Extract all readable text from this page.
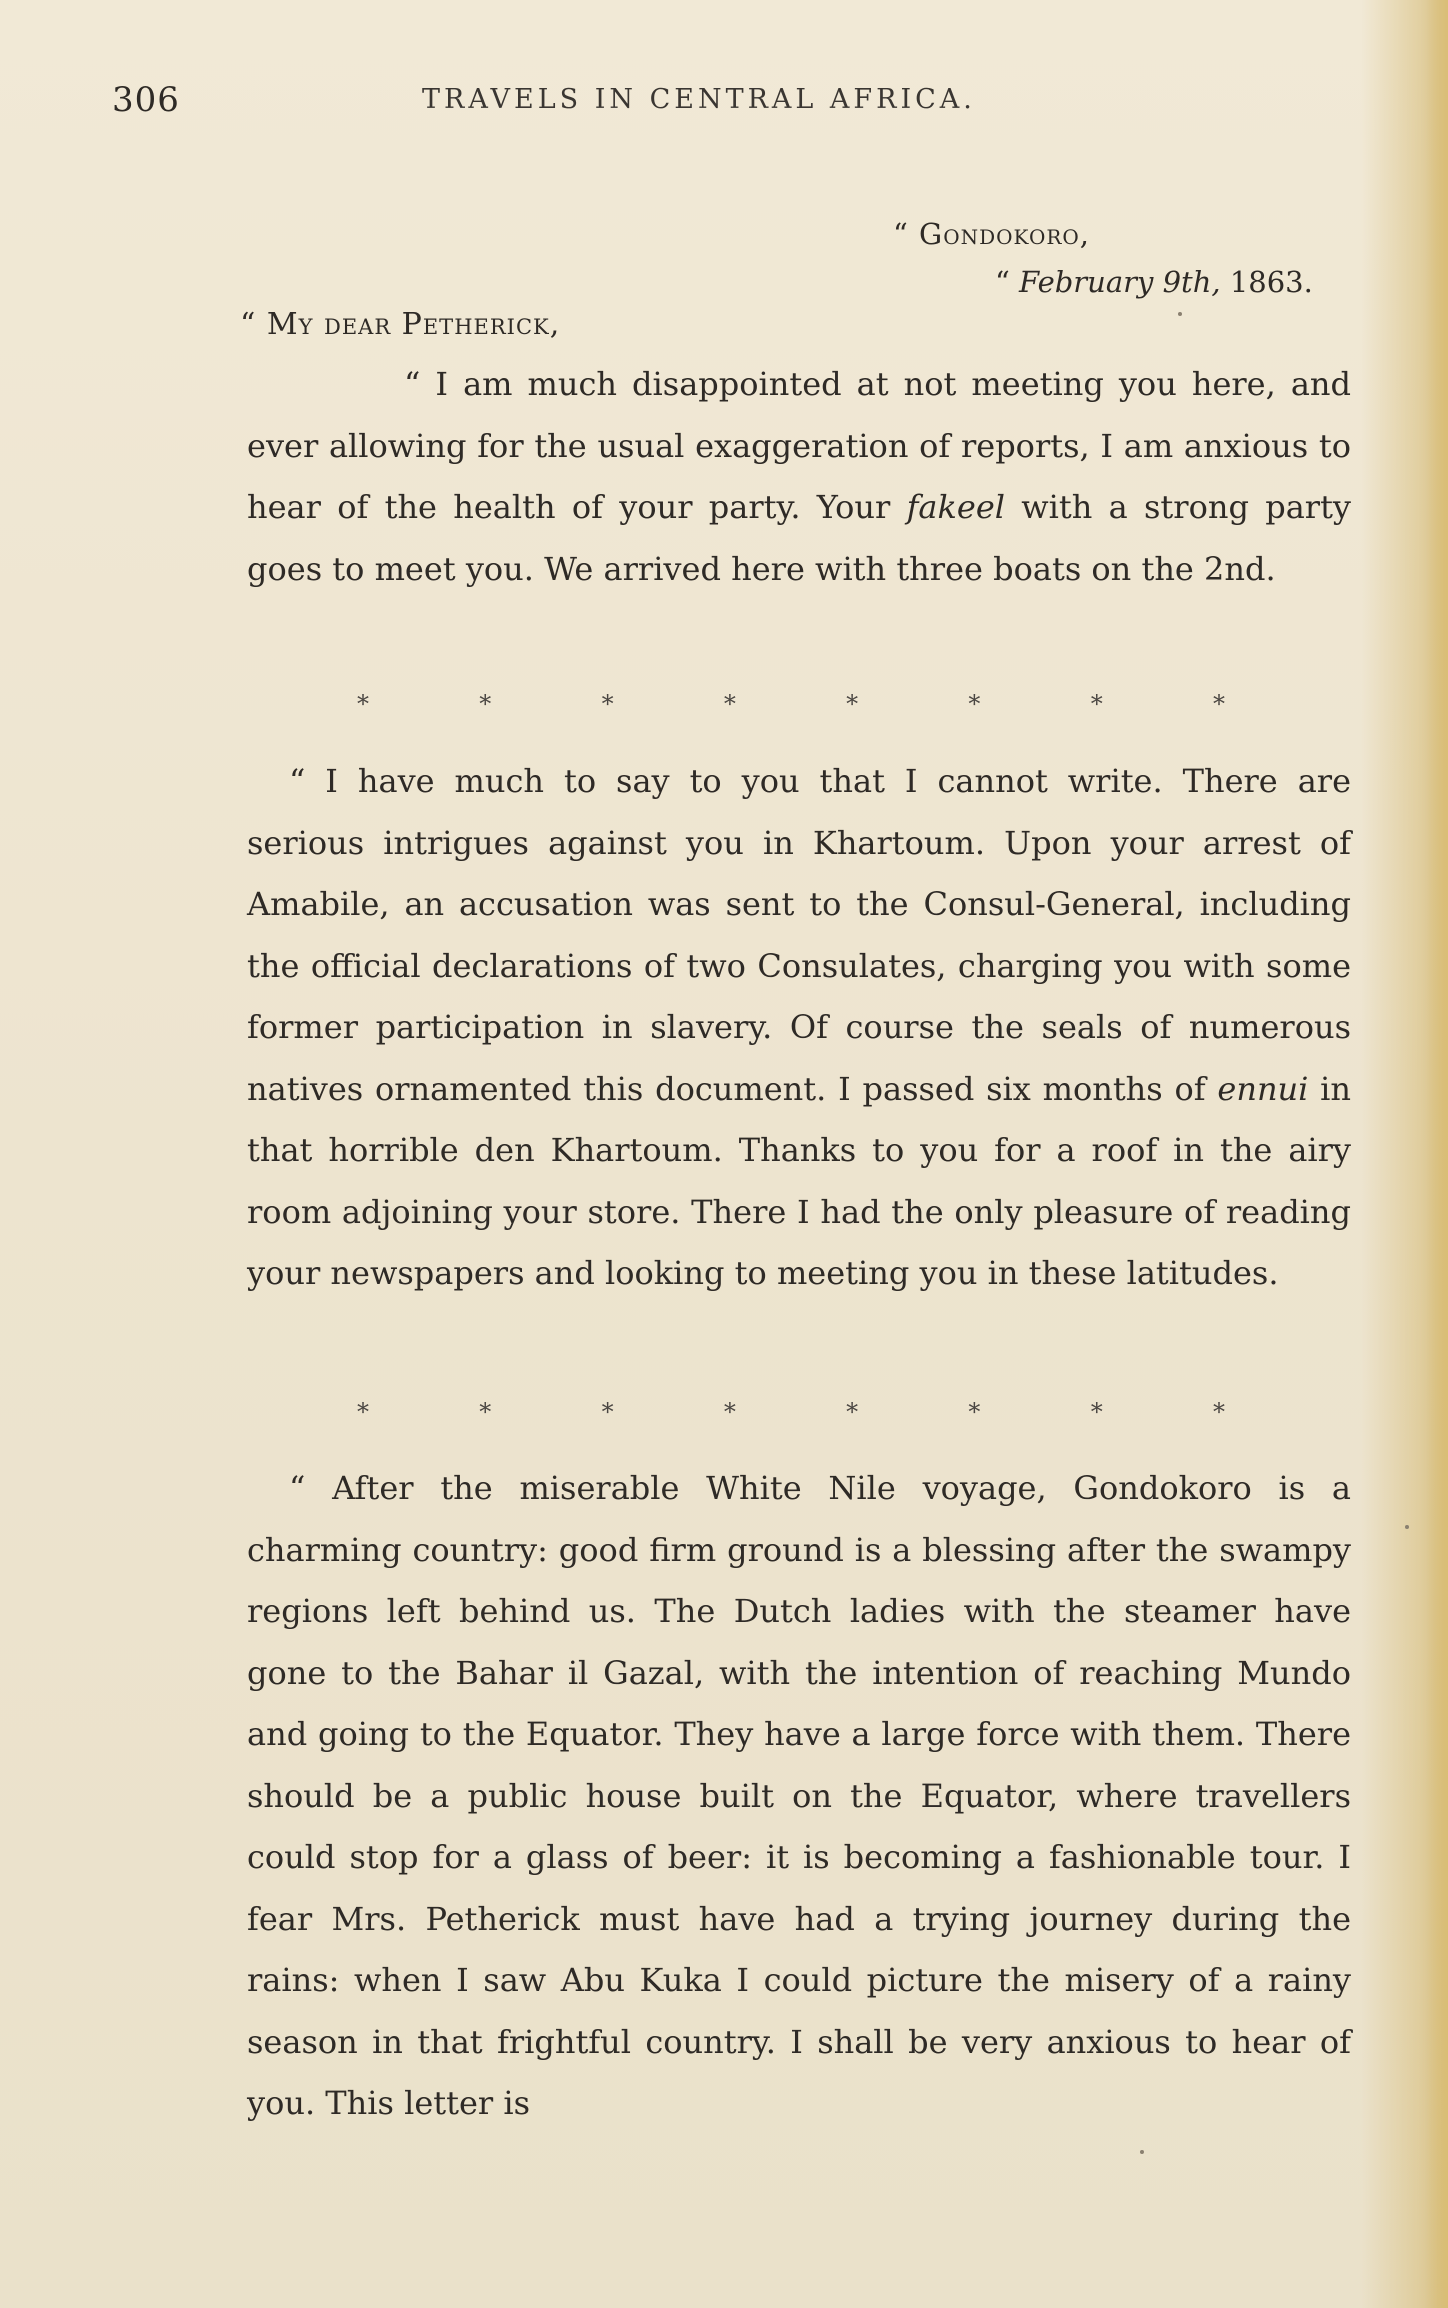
306	TRAVELS IN CENTRAL AFRICA.
“ Gondokoro,
“ February 9th, 1863.
“ My dear Petherick,
“ I am much disappointed at not meeting you here, and ever allowing for the usual exaggeration of reports, I am anxious to hear of the health of your party. Your fakeel with a strong party goes to meet you. We arrived here with three boats on the 2nd.
*	*	*	*	*	*	*	*
“ I have much to say to you that I cannot write. There are serious intrigues against you in Khartoum. Upon your arrest of Amabile, an accusation was sent to the Consul-General, including the official declarations of two Consulates, charging you with some former participation in slavery. Of course the seals of numerous natives ornamented this document. I passed six months of ennui in that horrible den Khartoum. Thanks to you for a roof in the airy room adjoining your store. There I had the only pleasure of reading your newspapers and looking to meeting you in these latitudes.
*	*	*	*	*	*	*	*
“ After the miserable White Nile voyage, Gondokoro is a charming country: good firm ground is a blessing after the swampy regions left behind us. The Dutch ladies with the steamer have gone to the Bahar il Gazal, with the intention of reaching Mundo and going to the Equator. They have a large force with them. There should be a public house built on the Equator, where travellers could stop for a glass of beer: it is becoming a fashionable tour. I fear Mrs. Petherick must have had a trying journey during the rains: when I saw Abu Kuka I could picture the misery of a rainy season in that frightful country. I shall be very anxious to hear of you. This letter is
